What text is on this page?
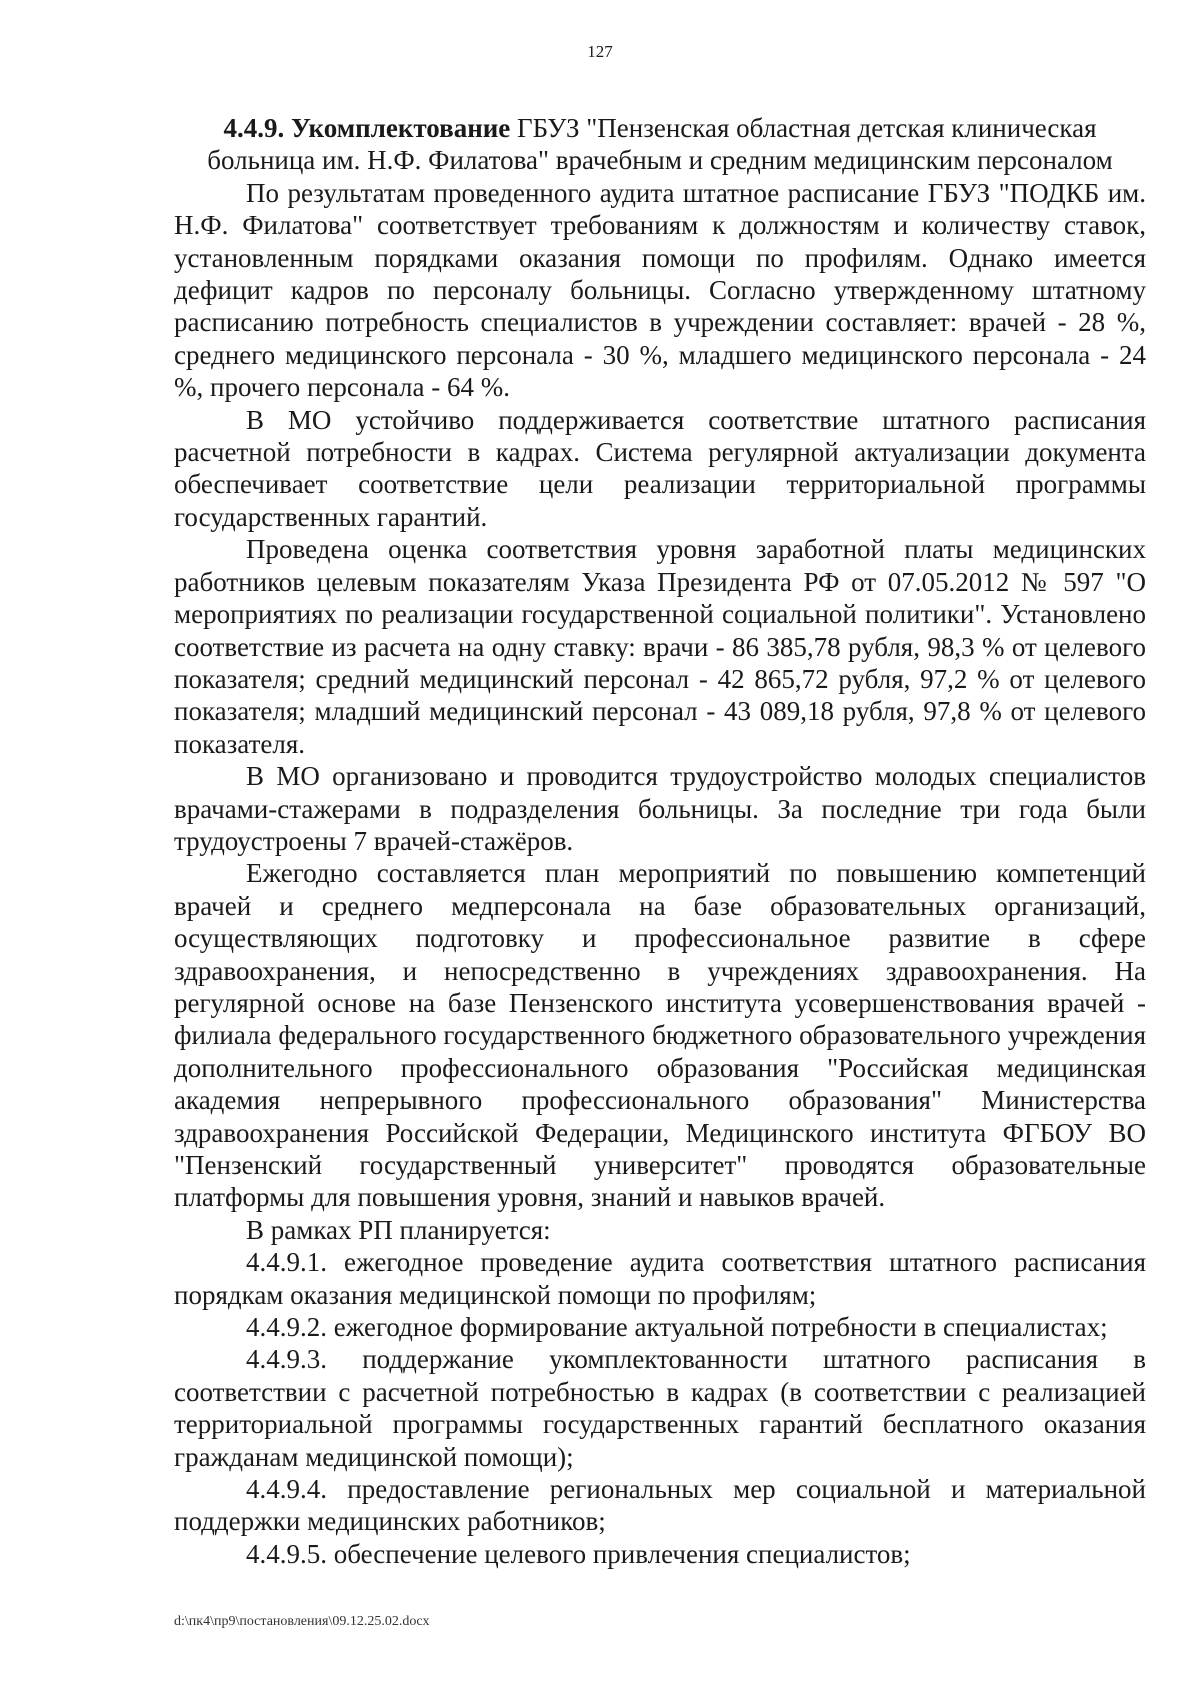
127

4.4.9. Укомплектование ГБУЗ "Пензенская областная детская клиническая больница им. Н.Ф. Филатова" врачебным и средним медицинским персоналом

По результатам проведенного аудита штатное расписание ГБУЗ "ПОДКБ им. Н.Ф. Филатова" соответствует требованиям к должностям и количеству ставок, установленным порядками оказания помощи по профилям. Однако имеется дефицит кадров по персоналу больницы. Согласно утвержденному штатному расписанию потребность специалистов в учреждении составляет: врачей - 28 %, среднего медицинского персонала - 30 %, младшего медицинского персонала - 24 %, прочего персонала - 64 %.

В МО устойчиво поддерживается соответствие штатного расписания расчетной потребности в кадрах. Система регулярной актуализации документа обеспечивает соответствие цели реализации территориальной программы государственных гарантий.

Проведена оценка соответствия уровня заработной платы медицинских работников целевым показателям Указа Президента РФ от 07.05.2012 № 597 "О мероприятиях по реализации государственной социальной политики". Установлено соответствие из расчета на одну ставку: врачи - 86 385,78 рубля, 98,3 % от целевого показателя; средний медицинский персонал - 42 865,72 рубля, 97,2 % от целевого показателя; младший медицинский персонал - 43 089,18 рубля, 97,8 % от целевого показателя.

В МО организовано и проводится трудоустройство молодых специалистов врачами-стажерами в подразделения больницы. За последние три года были трудоустроены 7 врачей-стажёров.

Ежегодно составляется план мероприятий по повышению компетенций врачей и среднего медперсонала на базе образовательных организаций, осуществляющих подготовку и профессиональное развитие в сфере здравоохранения, и непосредственно в учреждениях здравоохранения. На регулярной основе на базе Пензенского института усовершенствования врачей - филиала федерального государственного бюджетного образовательного учреждения дополнительного профессионального образования "Российская медицинская академия непрерывного профессионального образования" Министерства здравоохранения Российской Федерации, Медицинского института ФГБОУ ВО "Пензенский государственный университет" проводятся образовательные платформы для повышения уровня, знаний и навыков врачей.

В рамках РП планируется:

4.4.9.1. ежегодное проведение аудита соответствия штатного расписания порядкам оказания медицинской помощи по профилям;

4.4.9.2. ежегодное формирование актуальной потребности в специалистах;

4.4.9.3. поддержание укомплектованности штатного расписания в соответствии с расчетной потребностью в кадрах (в соответствии с реализацией территориальной программы государственных гарантий бесплатного оказания гражданам медицинской помощи);

4.4.9.4. предоставление региональных мер социальной и материальной поддержки медицинских работников;

4.4.9.5. обеспечение целевого привлечения специалистов;

d:\пк4\пр9\постановления\09.12.25.02.docx
